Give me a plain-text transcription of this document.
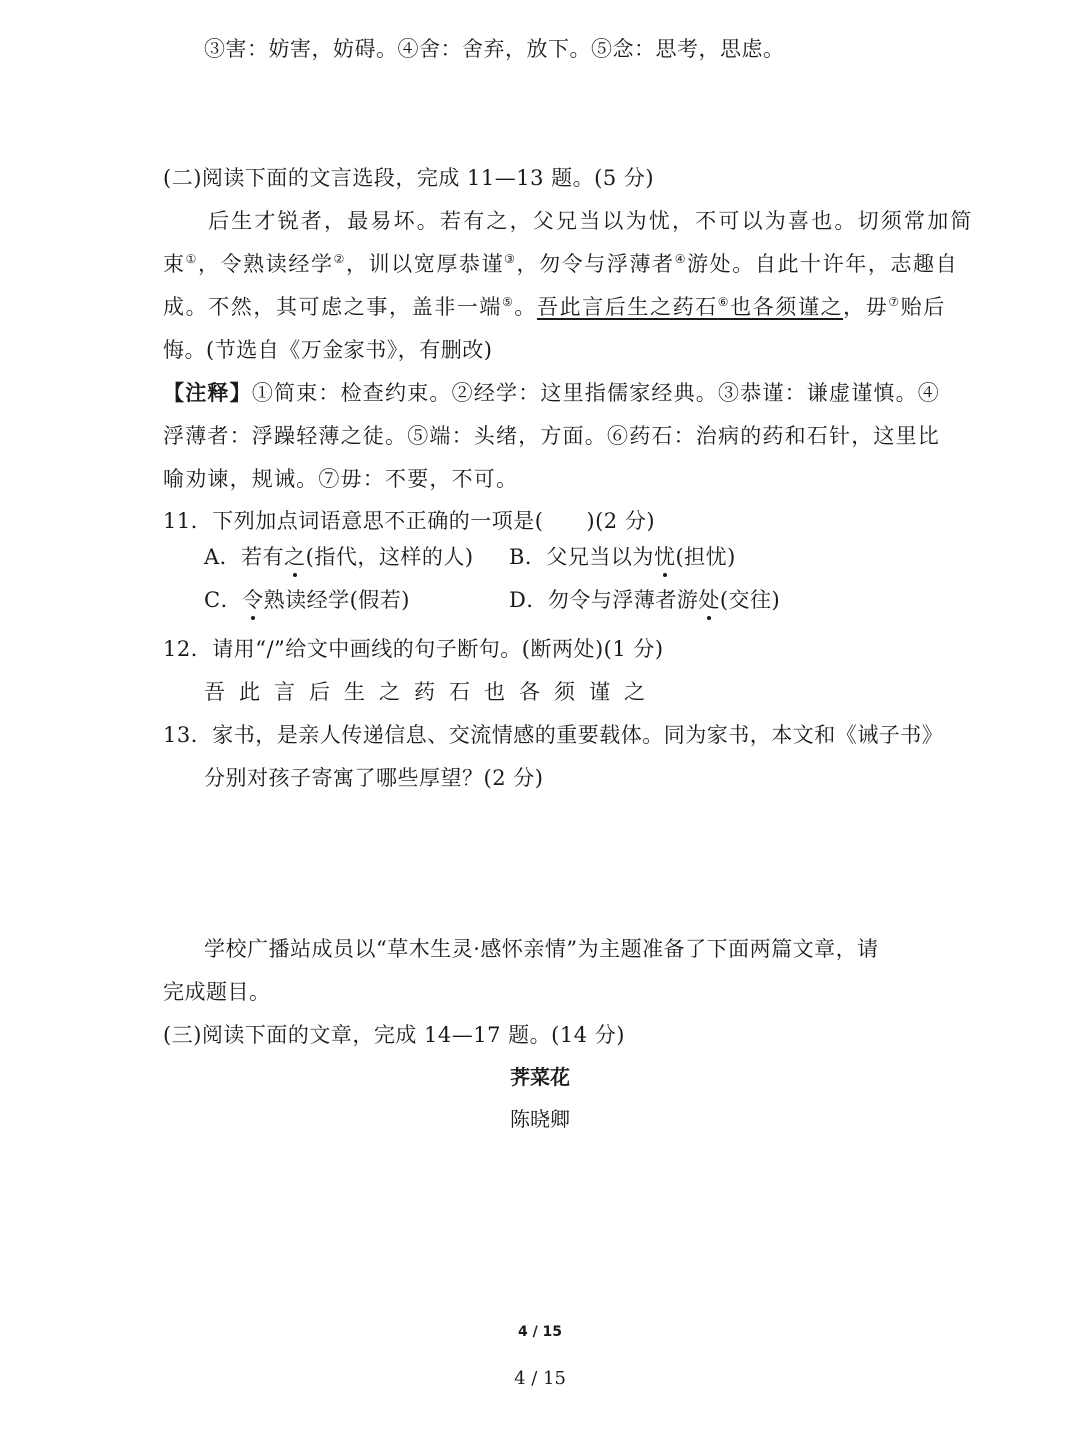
③害：妨害，妨碍。④舍：舍弃，放下。⑤念：思考，思虑。
(二)阅读下面的文言选段，完成 11—13 题。(5 分)
后生才锐者，最易坏。若有之，父兄当以为忧，不可以为喜也。切须常加简
束①，令熟读经学②，训以宽厚恭谨③，勿令与浮薄者④游处。自此十许年，志趣自
成。不然，其可虑之事，盖非一端⑤。吾此言后生之药石⑥也各须谨之，毋⑦贻后
悔。(节选自《万金家书》，有删改)
【注释】①简束：检查约束。②经学：这里指儒家经典。③恭谨：谦虚谨慎。④
浮薄者：浮躁轻薄之徒。⑤端：头绪，方面。⑥药石：治病的药和石针，这里比
喻劝谏，规诫。⑦毋：不要，不可。
11．下列加点词语意思不正确的一项是(　　)(2 分)
A．若有之(指代，这样的人) B．父兄当以为忧(担忧)
C．令熟读经学(假若)	D．勿令与浮薄者游处(交往)
12．请用“/”给文中画线的句子断句。(断两处)(1 分)
吾此言后生之药石也各须谨之
13．家书，是亲人传递信息、交流情感的重要载体。同为家书，本文和《诫子书》
分别对孩子寄寓了哪些厚望？(2 分)
学校广播站成员以“草木生灵·感怀亲情”为主题准备了下面两篇文章，请
完成题目。
(三)阅读下面的文章，完成 14—17 题。(14 分)
荠菜花
陈晓卿
4 / 15
4 / 15
